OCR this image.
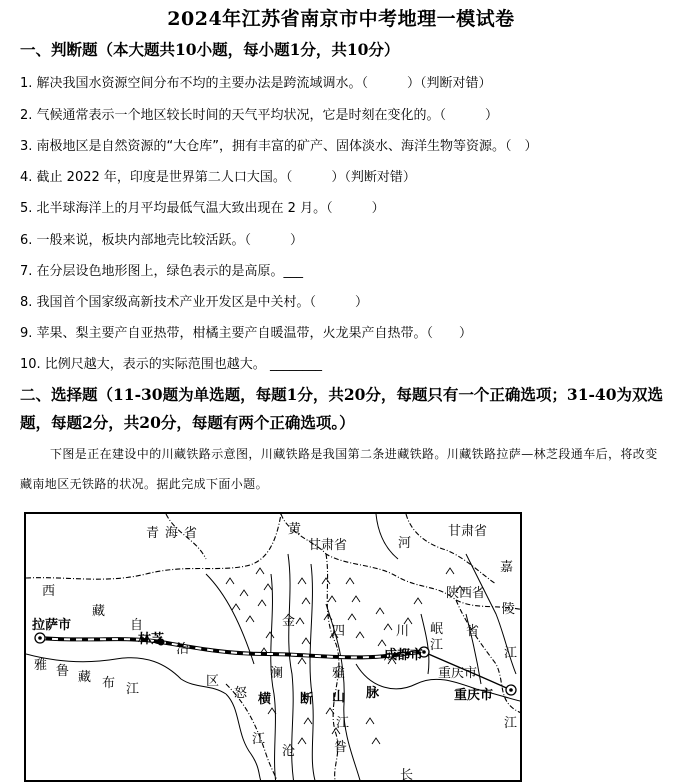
2024年江苏省南京市中考地理一模试卷
一、判断题（本大题共10小题，每小题1分，共10分）
1. 解决我国水资源空间分布不均的主要办法是跨流域调水。（　　　）（判断对错）
2. 气候通常表示一个地区较长时间的天气平均状况，它是时刻在变化的。（　　　）
3. 南极地区是自然资源的“大仓库”，拥有丰富的矿产、固体淡水、海洋生物等资源。（　）
4. 截止 2022 年，印度是世界第二人口大国。（　　　）（判断对错）
5. 北半球海洋上的月平均最低气温大致出现在 2 月。（　　　）
6. 一般来说，板块内部地壳比较活跃。（　　　）
7. 在分层设色地形图上，绿色表示的是高原。___
8. 我国首个国家级高新技术产业开发区是中关村。（　　　）
9. 苹果、梨主要产自亚热带，柑橘主要产自暖温带，火龙果产自热带。（　　）
10. 比例尺越大，表示的实际范围也越大。 ________
二、选择题（11-30题为单选题，每题1分，共20分，每题只有一个正确选项；31-40为双选题，每题2分，共20分，每题有两个正确选项。）
下图是正在建设中的川藏铁路示意图，川藏铁路是我国第二条进藏铁路。川藏铁路拉萨—林芝段通车后，将改变藏南地区无铁路的状况。据此完成下面小题。
青海省	黄
甘肃省	河
甘肃省
陕西省
西
藏
自
治
区
拉萨市
林芝
雅 鲁 藏 布 江
四	川	省
岷
江
成都市
重庆市
重庆市
嘉
陵
江
江
长
金
澜
沧
怒
江
横 断 山 脉
雅
江
昝
